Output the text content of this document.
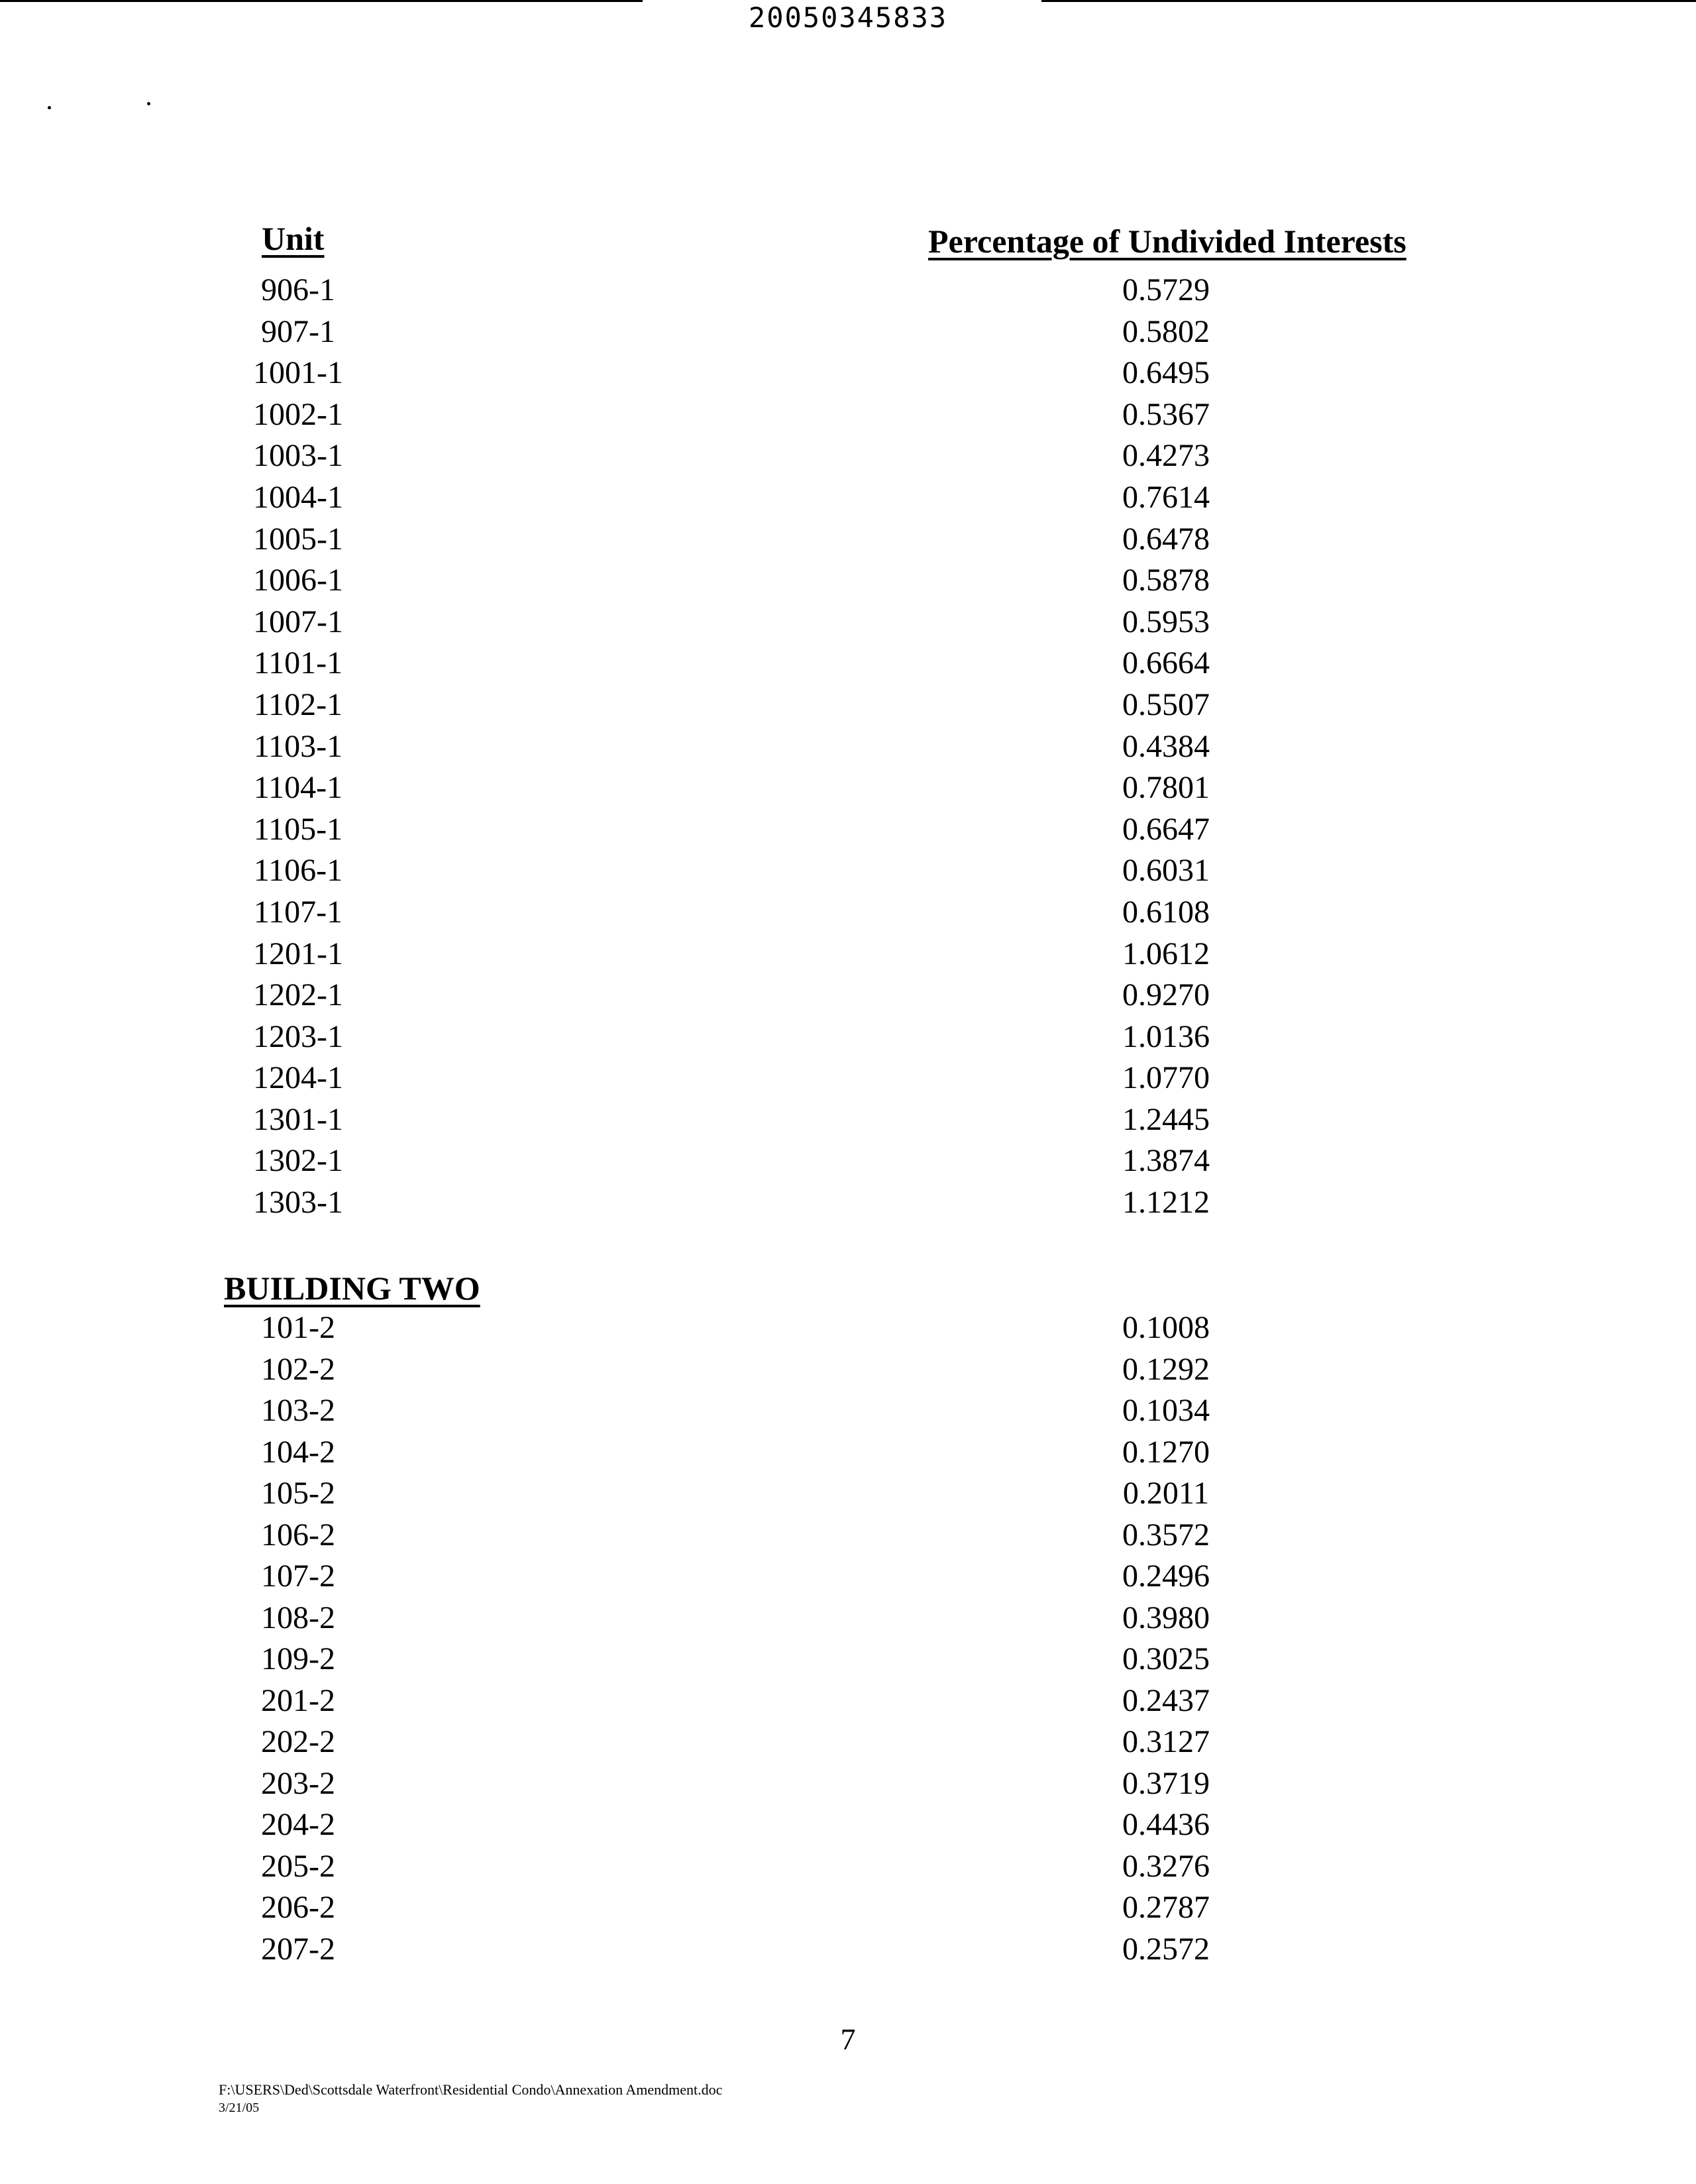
20050345833
Unit	Percentage of Undivided Interests
906-1	0.5729
907-1	0.5802
1001-1	0.6495
1002-1	0.5367
1003-1	0.4273
1004-1	0.7614
1005-1	0.6478
1006-1	0.5878
1007-1	0.5953
1101-1	0.6664
1102-1	0.5507
1103-1	0.4384
1104-1	0.7801
1105-1	0.6647
1106-1	0.6031
1107-1	0.6108
1201-1	1.0612
1202-1	0.9270
1203-1	1.0136
1204-1	1.0770
1301-1	1.2445
1302-1	1.3874
1303-1	1.1212
BUILDING TWO
101-2	0.1008
102-2	0.1292
103-2	0.1034
104-2	0.1270
105-2	0.2011
106-2	0.3572
107-2	0.2496
108-2	0.3980
109-2	0.3025
201-2	0.2437
202-2	0.3127
203-2	0.3719
204-2	0.4436
205-2	0.3276
206-2	0.2787
207-2	0.2572
7
F:\USERS\Ded\Scottsdale Waterfront\Residential Condo\Annexation Amendment.doc
3/21/05
